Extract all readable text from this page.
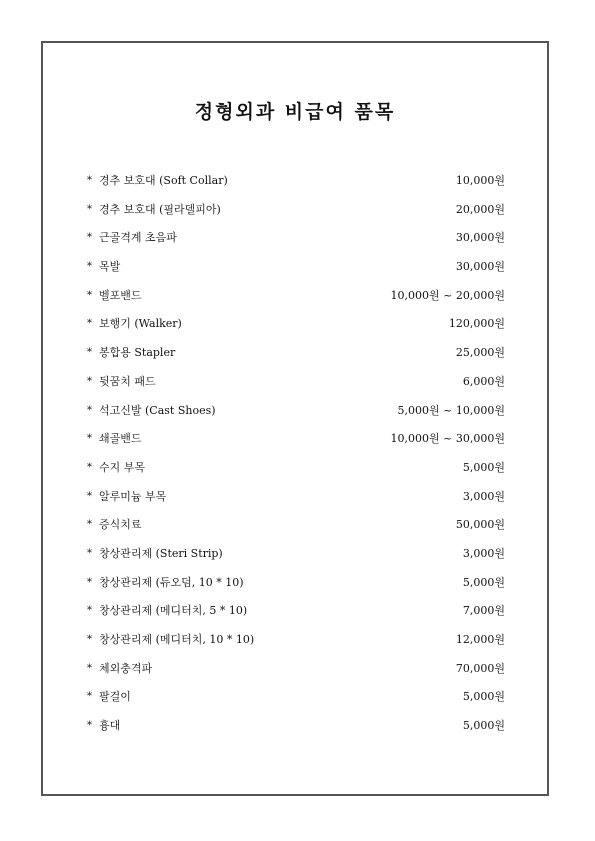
정형외과 비급여 품목
* 경추 보호대 (Soft Collar)	10,000원
* 경추 보호대 (필라델피아)	20,000원
* 근골격계 초음파	30,000원
* 목발	30,000원
* 벨포밴드	10,000원 ~ 20,000원
* 보행기 (Walker)	120,000원
* 봉합용 Stapler	25,000원
* 뒷꿈치 패드	6,000원
* 석고신발 (Cast Shoes)	5,000원 ~ 10,000원
* 쇄골밴드	10,000원 ~ 30,000원
* 수지 부목	5,000원
* 알루미늄 부목	3,000원
* 증식치료	50,000원
* 창상관리제 (Steri Strip)	3,000원
* 창상관리제 (듀오덤, 10 * 10)	5,000원
* 창상관리제 (메디터치, 5 * 10)	7,000원
* 창상관리제 (메디터치, 10 * 10)	12,000원
* 체외충격파	70,000원
* 팔걸이	5,000원
* 흉대	5,000원
